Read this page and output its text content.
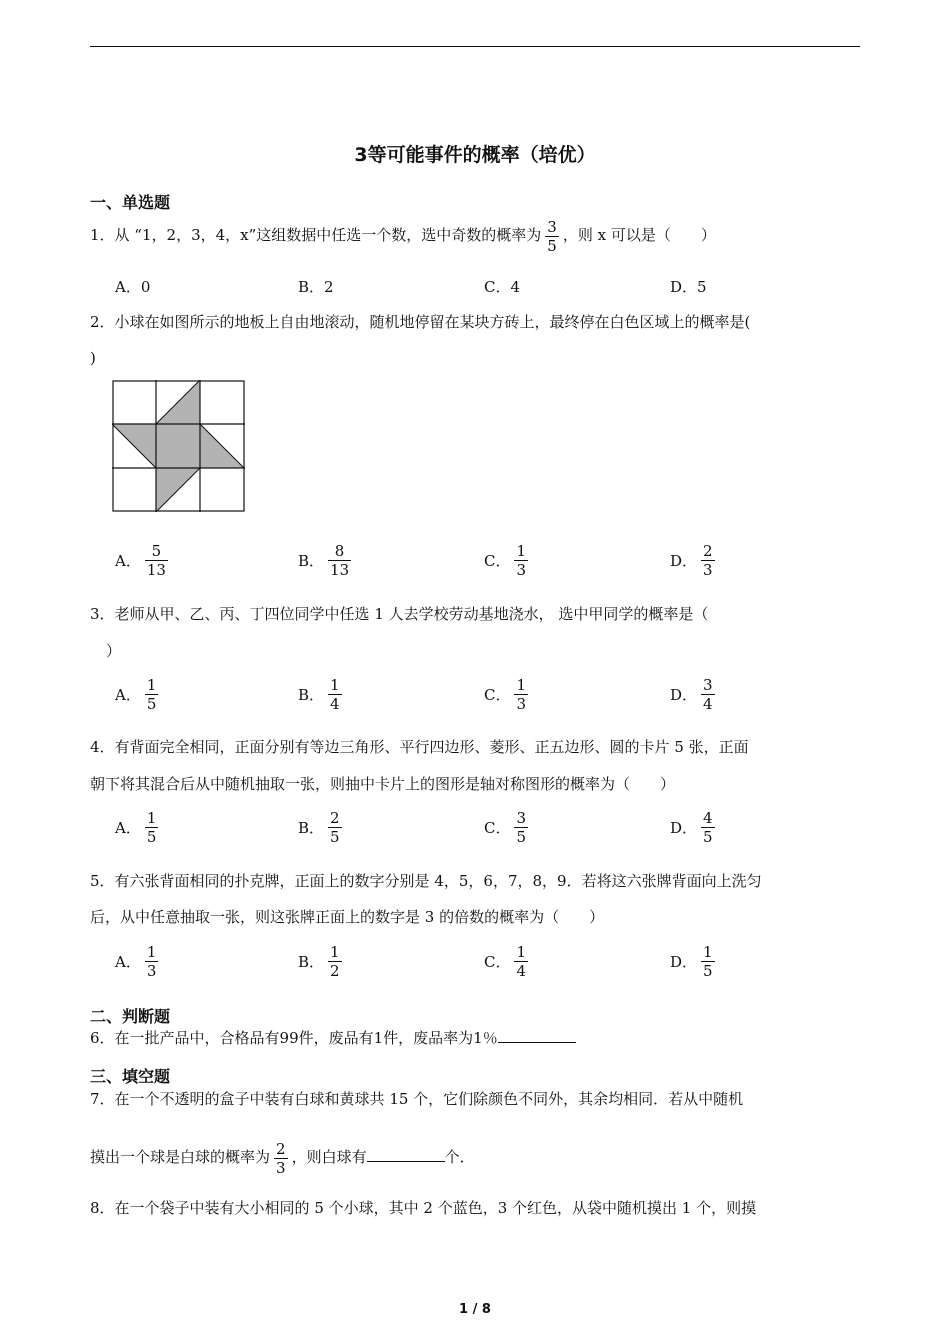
3等可能事件的概率（培优）
一、单选题
1．从 “1，2，3，4，x”这组数据中任选一个数，选中奇数的概率为 $\frac{3}{5}$ ，则 x 可以是（　　）
A．0	B．2	C．4	D．5
2．小球在如图所示的地板上自由地滚动，随机地停留在某块方砖上，最终停在白色区域上的概率是(
)
A． $\frac{5}{13}$	B． $\frac{8}{13}$	C． $\frac{1}{3}$	D． $\frac{2}{3}$
3．老师从甲、乙、丙、丁四位同学中任选 1 人去学校劳动基地浇水， 选中甲同学的概率是（
）
A． $\frac{1}{5}$	B． $\frac{1}{4}$	C． $\frac{1}{3}$	D． $\frac{3}{4}$
4．有背面完全相同，正面分别有等边三角形、平行四边形、菱形、正五边形、圆的卡片 5 张，正面
朝下将其混合后从中随机抽取一张，则抽中卡片上的图形是轴对称图形的概率为（　　）
A． $\frac{1}{5}$	B． $\frac{2}{5}$	C． $\frac{3}{5}$	D． $\frac{4}{5}$
5．有六张背面相同的扑克牌，正面上的数字分别是 4，5，6，7，8，9．若将这六张牌背面向上洗匀
后，从中任意抽取一张，则这张牌正面上的数字是 3 的倍数的概率为（　　）
A． $\frac{1}{3}$	B． $\frac{1}{2}$	C． $\frac{1}{4}$	D． $\frac{1}{5}$
二、判断题
6．在一批产品中，合格品有99件，废品有1件，废品率为1％
三、填空题
7．在一个不透明的盒子中装有白球和黄球共 15 个，它们除颜色不同外，其余均相同．若从中随机
摸出一个球是白球的概率为 $\frac{2}{3}$ ，则白球有	个．
8．在一个袋子中装有大小相同的 5 个小球，其中 2 个蓝色，3 个红色，从袋中随机摸出 1 个，则摸
1 / 8
